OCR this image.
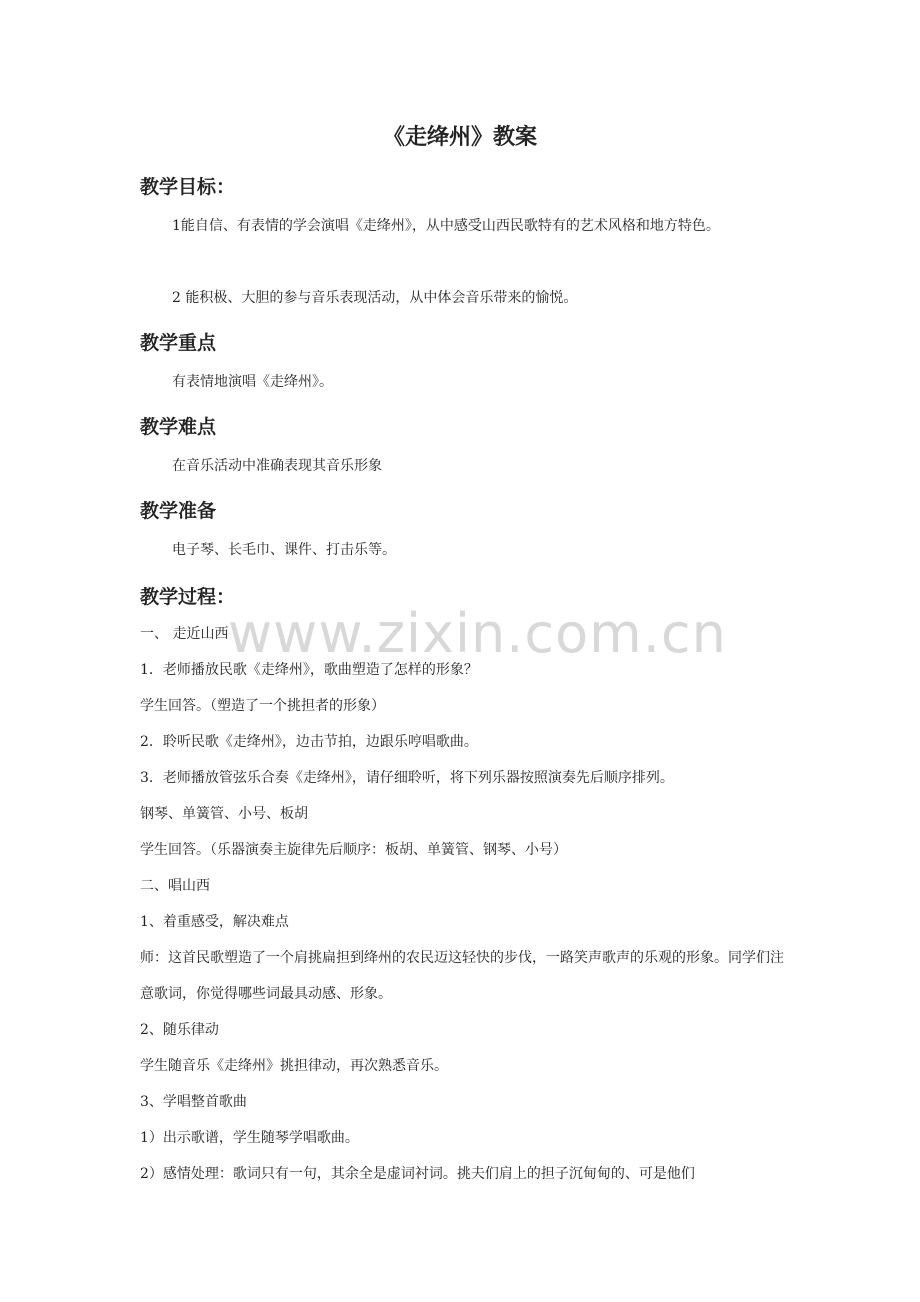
www.zixin.com.cn
《走绛州》教案
教学目标：
1能自信、有表情的学会演唱《走绛州》，从中感受山西民歌特有的艺术风格和地方特色。
2 能积极、大胆的参与音乐表现活动，从中体会音乐带来的愉悦。
教学重点
有表情地演唱《走绛州》。
教学难点
在音乐活动中准确表现其音乐形象
教学准备
电子琴、长毛巾、课件、打击乐等。
教学过程：
一、 走近山西
1．老师播放民歌《走绛州》，歌曲塑造了怎样的形象？
学生回答。（塑造了一个挑担者的形象）
2．聆听民歌《走绛州》，边击节拍，边跟乐哼唱歌曲。
3．老师播放管弦乐合奏《走绛州》，请仔细聆听，将下列乐器按照演奏先后顺序排列。
钢琴、单簧管、小号、板胡
学生回答。（乐器演奏主旋律先后顺序：板胡、单簧管、钢琴、小号）
二、唱山西
1、着重感受，解决难点
师：这首民歌塑造了一个肩挑扁担到绛州的农民迈这轻快的步伐，一路笑声歌声的乐观的形象。同学们注意歌词，你觉得哪些词最具动感、形象。
2、随乐律动
学生随音乐《走绛州》挑担律动，再次熟悉音乐。
3、学唱整首歌曲
1）出示歌谱，学生随琴学唱歌曲。
2）感情处理：歌词只有一句，其余全是虚词衬词。挑夫们肩上的担子沉甸甸的、可是他们
